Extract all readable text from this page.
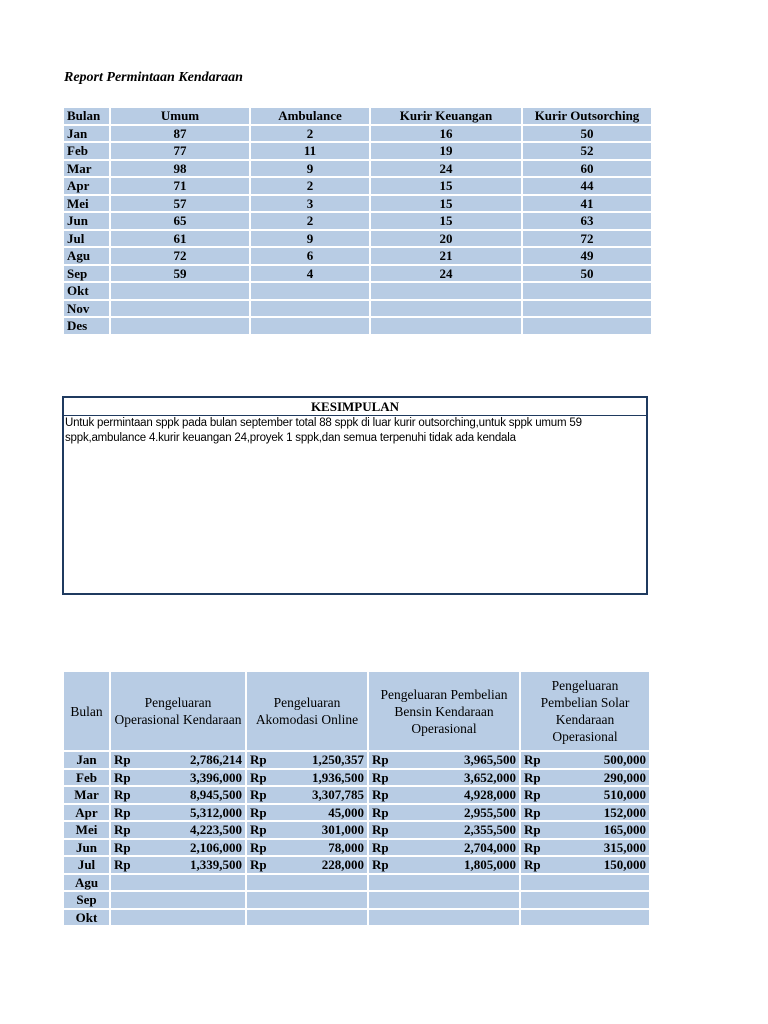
Report Permintaan Kendaraan
Bulan	Umum	Ambulance	Kurir Keuangan	Kurir Outsorching
Jan	87	2	16	50
Feb	77	11	19	52
Mar	98	9	24	60
Apr	71	2	15	44
Mei	57	3	15	41
Jun	65	2	15	63
Jul	61	9	20	72
Agu	72	6	21	49
Sep	59	4	24	50
Okt				
Nov				
Des				
KESIMPULAN
Untuk permintaan sppk pada bulan september total 88 sppk di luar kurir outsorching,untuk sppk umum 59 sppk,ambulance 4.kurir keuangan 24,proyek 1 sppk,dan semua terpenuhi tidak ada kendala
Bulan	Pengeluaran Operasional Kendaraan	Pengeluaran Akomodasi Online	Pengeluaran Pembelian Bensin Kendaraan Operasional	Pengeluaran Pembelian Solar Kendaraan Operasional
Jan	Rp 2,786,214	Rp 1,250,357	Rp 3,965,500	Rp 500,000

Feb	Rp 3,396,000	Rp 1,936,500	Rp 3,652,000	Rp 290,000

Mar	Rp 8,945,500	Rp 3,307,785	Rp 4,928,000	Rp 510,000

Apr	Rp 5,312,000	Rp 45,000	Rp 2,955,500	Rp 152,000

Mei	Rp 4,223,500	Rp 301,000	Rp 2,355,500	Rp 165,000

Jun	Rp 2,106,000	Rp 78,000	Rp 2,704,000	Rp 315,000

Jul	Rp 1,339,500	Rp 228,000	Rp 1,805,000	Rp 150,000

Agu				
Sep				
Okt				
